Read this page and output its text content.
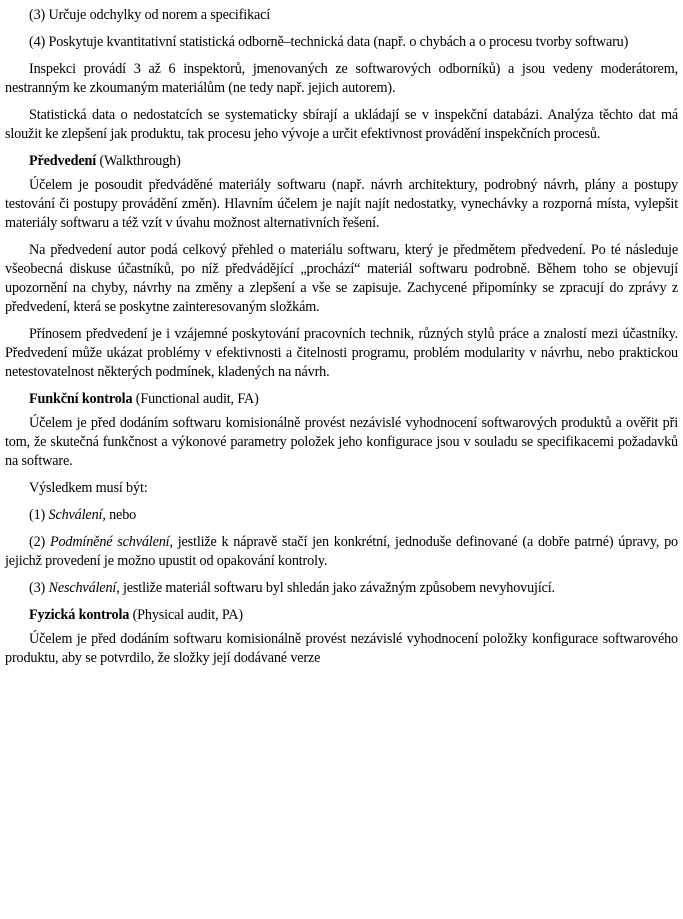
(3) Určuje odchylky od norem a specifikací

(4) Poskytuje kvantitativní statistická odborně–technická data (např. o chybách a o procesu tvorby softwaru)

Inspekci provádí 3 až 6 inspektorů, jmenovaných ze softwarových odborníků) a jsou vedeny moderátorem, nestranným ke zkoumaným materiálům (ne tedy např. jejich autorem).

Statistická data o nedostatcích se systematicky sbírají a ukládají se v inspekční databázi. Analýza těchto dat má sloužit ke zlepšení jak produktu, tak procesu jeho vývoje a určit efektivnost provádění inspekčních procesů.

Předvedení (Walkthrough)

Účelem je posoudit předváděné materiály softwaru (např. návrh architektury, podrobný návrh, plány a postupy testování či postupy provádění změn). Hlavním účelem je najít najít nedostatky, vynechávky a rozporná místa, vylepšit materiály softwaru a též vzít v úvahu možnost alternativních řešení.

Na předvedení autor podá celkový přehled o materiálu softwaru, který je předmětem předvedení. Po té následuje všeobecná diskuse účastníků, po níž předvádějící „prochází“ materiál softwaru podrobně. Během toho se objevují upozornění na chyby, návrhy na změny a zlepšení a vše se zapisuje. Zachycené připomínky se zpracují do zprávy z předvedení, která se poskytne zainteresovaným složkám.

Přínosem předvedení je i vzájemné poskytování pracovních technik, různých stylů práce a znalostí mezi účastníky. Předvedení může ukázat problémy v efektivnosti a čitelnosti programu, problém modularity v návrhu, nebo praktickou netestovatelnost některých podmínek, kladených na návrh.

Funkční kontrola (Functional audit, FA)

Účelem je před dodáním softwaru komisionálně provést nezávislé vyhodnocení softwarových produktů a ověřit při tom, že skutečná funkčnost a výkonové parametry položek jeho konfigurace jsou v souladu se specifikacemi požadavků na software.

Výsledkem musí být:

(1) Schválení, nebo

(2) Podmíněné schválení, jestliže k nápravě stačí jen konkrétní, jednoduše definované (a dobře patrné) úpravy, po jejichž provedení je možno upustit od opakování kontroly.

(3) Neschválení, jestliže materiál softwaru byl shledán jako závažným způsobem nevyhovující.

Fyzická kontrola (Physical audit, PA)

Účelem je před dodáním softwaru komisionálně provést nezávislé vyhodnocení položky konfigurace softwarového produktu, aby se potvrdilo, že složky její dodávané verze
